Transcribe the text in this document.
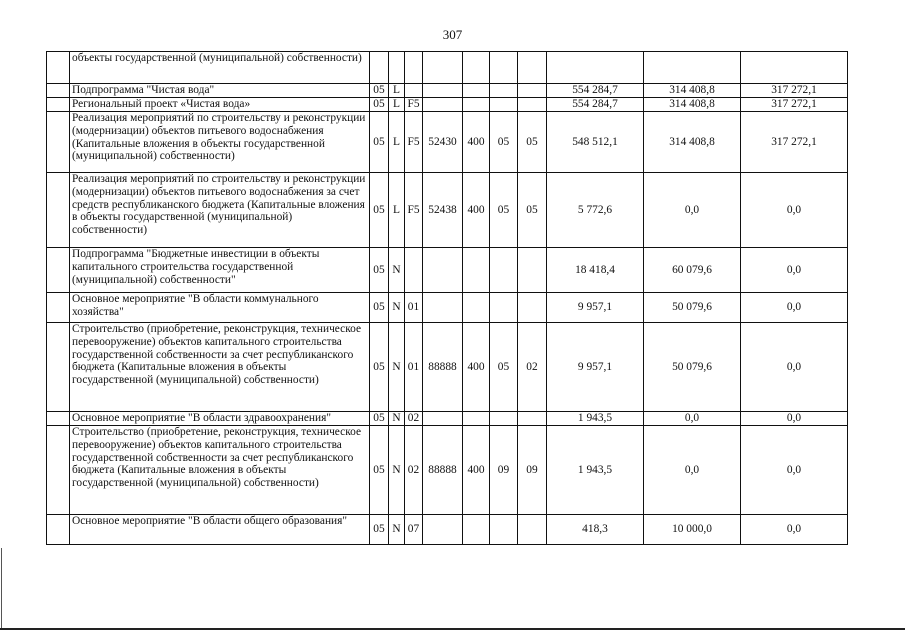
307
	объекты государственной (муниципальной) собственности)										
	Подпрограмма "Чистая вода"	05	L						554 284,7	314 408,8	317 272,1
	Региональный проект «Чистая вода»	05	L	F5					554 284,7	314 408,8	317 272,1
	Реализация мероприятий по строительству и реконструкции (модернизации) объектов питьевого водоснабжения (Капитальные вложения в объекты государственной (муниципальной) собственности)	05	L	F5	52430	400	05	05	548 512,1	314 408,8	317 272,1
	Реализация мероприятий по строительству и реконструкции (модернизации) объектов питьевого водоснабжения за счет средств республиканского бюджета (Капитальные вложения в объекты государственной (муниципальной) собственности)	05	L	F5	52438	400	05	05	5 772,6	0,0	0,0
	Подпрограмма "Бюджетные инвестиции в объекты капитального строительства государственной (муниципальной) собственности"	05	N						18 418,4	60 079,6	0,0
	Основное мероприятие "В области коммунального хозяйства"	05	N	01					9 957,1	50 079,6	0,0
	Строительство (приобретение, реконструкция, техническое перевооружение) объектов капитального строительства государственной собственности за счет республиканского бюджета (Капитальные вложения в объекты государственной (муниципальной) собственности)	05	N	01	88888	400	05	02	9 957,1	50 079,6	0,0
	Основное мероприятие "В области здравоохранения"	05	N	02					1 943,5	0,0	0,0
	Строительство (приобретение, реконструкция, техническое перевооружение) объектов капитального строительства государственной собственности за счет республиканского бюджета (Капитальные вложения в объекты государственной (муниципальной) собственности)	05	N	02	88888	400	09	09	1 943,5	0,0	0,0
	Основное мероприятие "В области общего образования"	05	N	07					418,3	10 000,0	0,0
